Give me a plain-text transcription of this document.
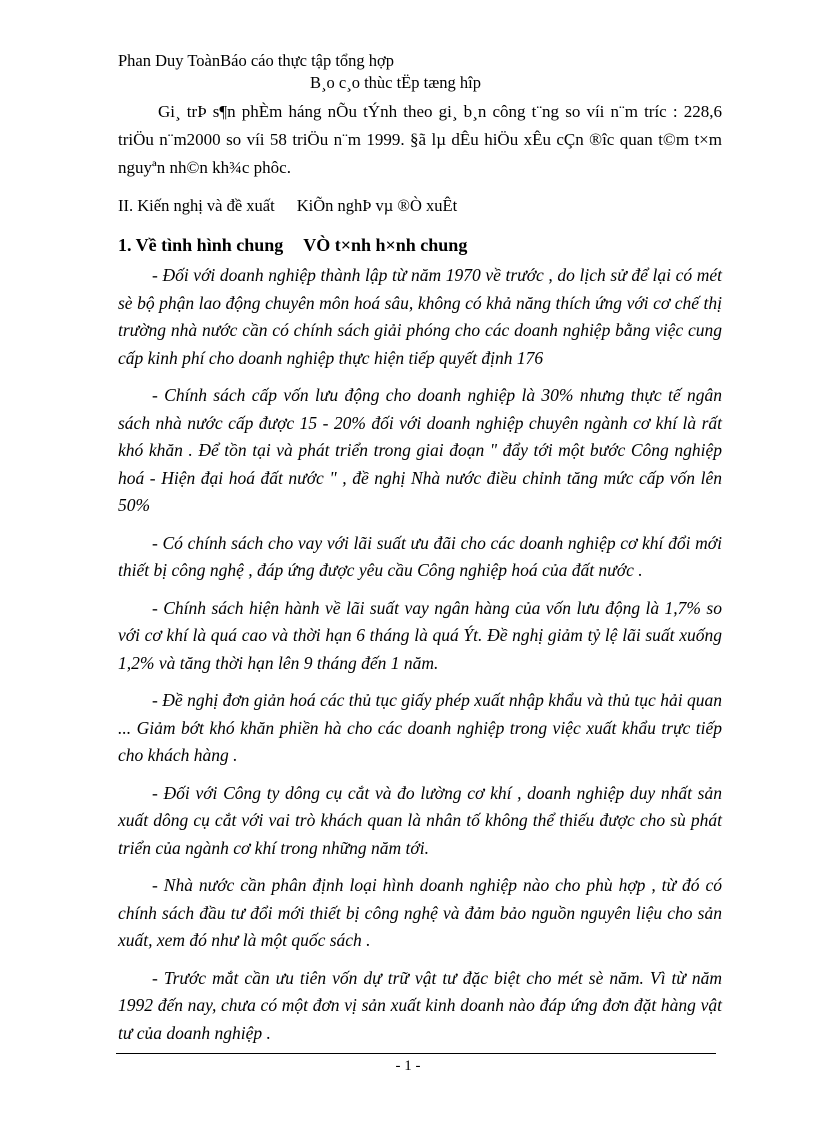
Phan Duy ToànBáo cáo thực tập tổng hợp
B¸o c¸o thùc tËp tæng hîp

Gi¸ trÞ s¶n phÈm háng nÕu tÝnh theo gi¸ b¸n công t¨ng so víi n¨m tríc : 228,6 triÖu n¨m2000 so víi 58 triÖu n¨m 1999. §ã lµ dÊu hiÖu xÊu cÇn ®îc quan t©m t×m nguyªn nh©n kh¾c phôc.

II. Kiến nghị và đề xuất KiÕn nghÞ vµ ®Ò xuÊt
1. Về tình hình chung VÒ t×nh h×nh chung

- Đối với doanh nghiệp thành lập từ năm 1970 về trước , do lịch sử để lại có mét sè bộ phận lao động chuyên môn hoá sâu, không có khả năng thích ứng với cơ chế thị trường nhà nước cần có chính sách giải phóng cho các doanh nghiệp bằng việc cung cấp kinh phí cho doanh nghiệp thực hiện tiếp quyết định 176

- Chính sách cấp vốn lưu động cho doanh nghiệp là 30% nhưng thực tế ngân sách nhà nước cấp được 15 - 20% đối với doanh nghiệp chuyên ngành cơ khí là rất khó khăn . Để tồn tại và phát triển trong giai đoạn " đẩy tới một bước Công nghiệp hoá - Hiện đại hoá đất nước " , đề nghị Nhà nước điều chỉnh tăng mức cấp vốn lên 50%

- Có chính sách cho vay với lãi suất ưu đãi cho các doanh nghiệp cơ khí đổi mới thiết bị công nghệ , đáp ứng được yêu cầu Công nghiệp hoá của đất nước .

- Chính sách hiện hành về lãi suất vay ngân hàng của vốn lưu động là 1,7% so với cơ khí là quá cao và thời hạn 6 tháng là quá Ýt. Đề nghị giảm tỷ lệ lãi suất xuống 1,2% và tăng thời hạn lên 9 tháng đến 1 năm.

- Đề nghị đơn giản hoá các thủ tục giấy phép xuất nhập khẩu và thủ tục hải quan ... Giảm bớt khó khăn phiền hà cho các doanh nghiệp trong việc xuất khẩu trực tiếp cho khách hàng .

- Đối với Công ty dông cụ cắt và đo lường cơ khí , doanh nghiệp duy nhất sản xuất dông cụ cắt với vai trò khách quan là nhân tố không thể thiếu được cho sù phát triển của ngành cơ khí trong những năm tới.

- Nhà nước cần phân định loại hình doanh nghiệp nào cho phù hợp , từ đó có chính sách đầu tư đổi mới thiết bị công nghệ và đảm bảo nguồn nguyên liệu cho sản xuất, xem đó như là một quốc sách .

- Trước mắt cần ưu tiên vốn dự trữ vật tư đặc biệt cho mét sè năm. Vì từ năm 1992 đến nay, chưa có một đơn vị sản xuất kinh doanh nào đáp ứng đơn đặt hàng vật tư của doanh nghiệp .

- 1 -
